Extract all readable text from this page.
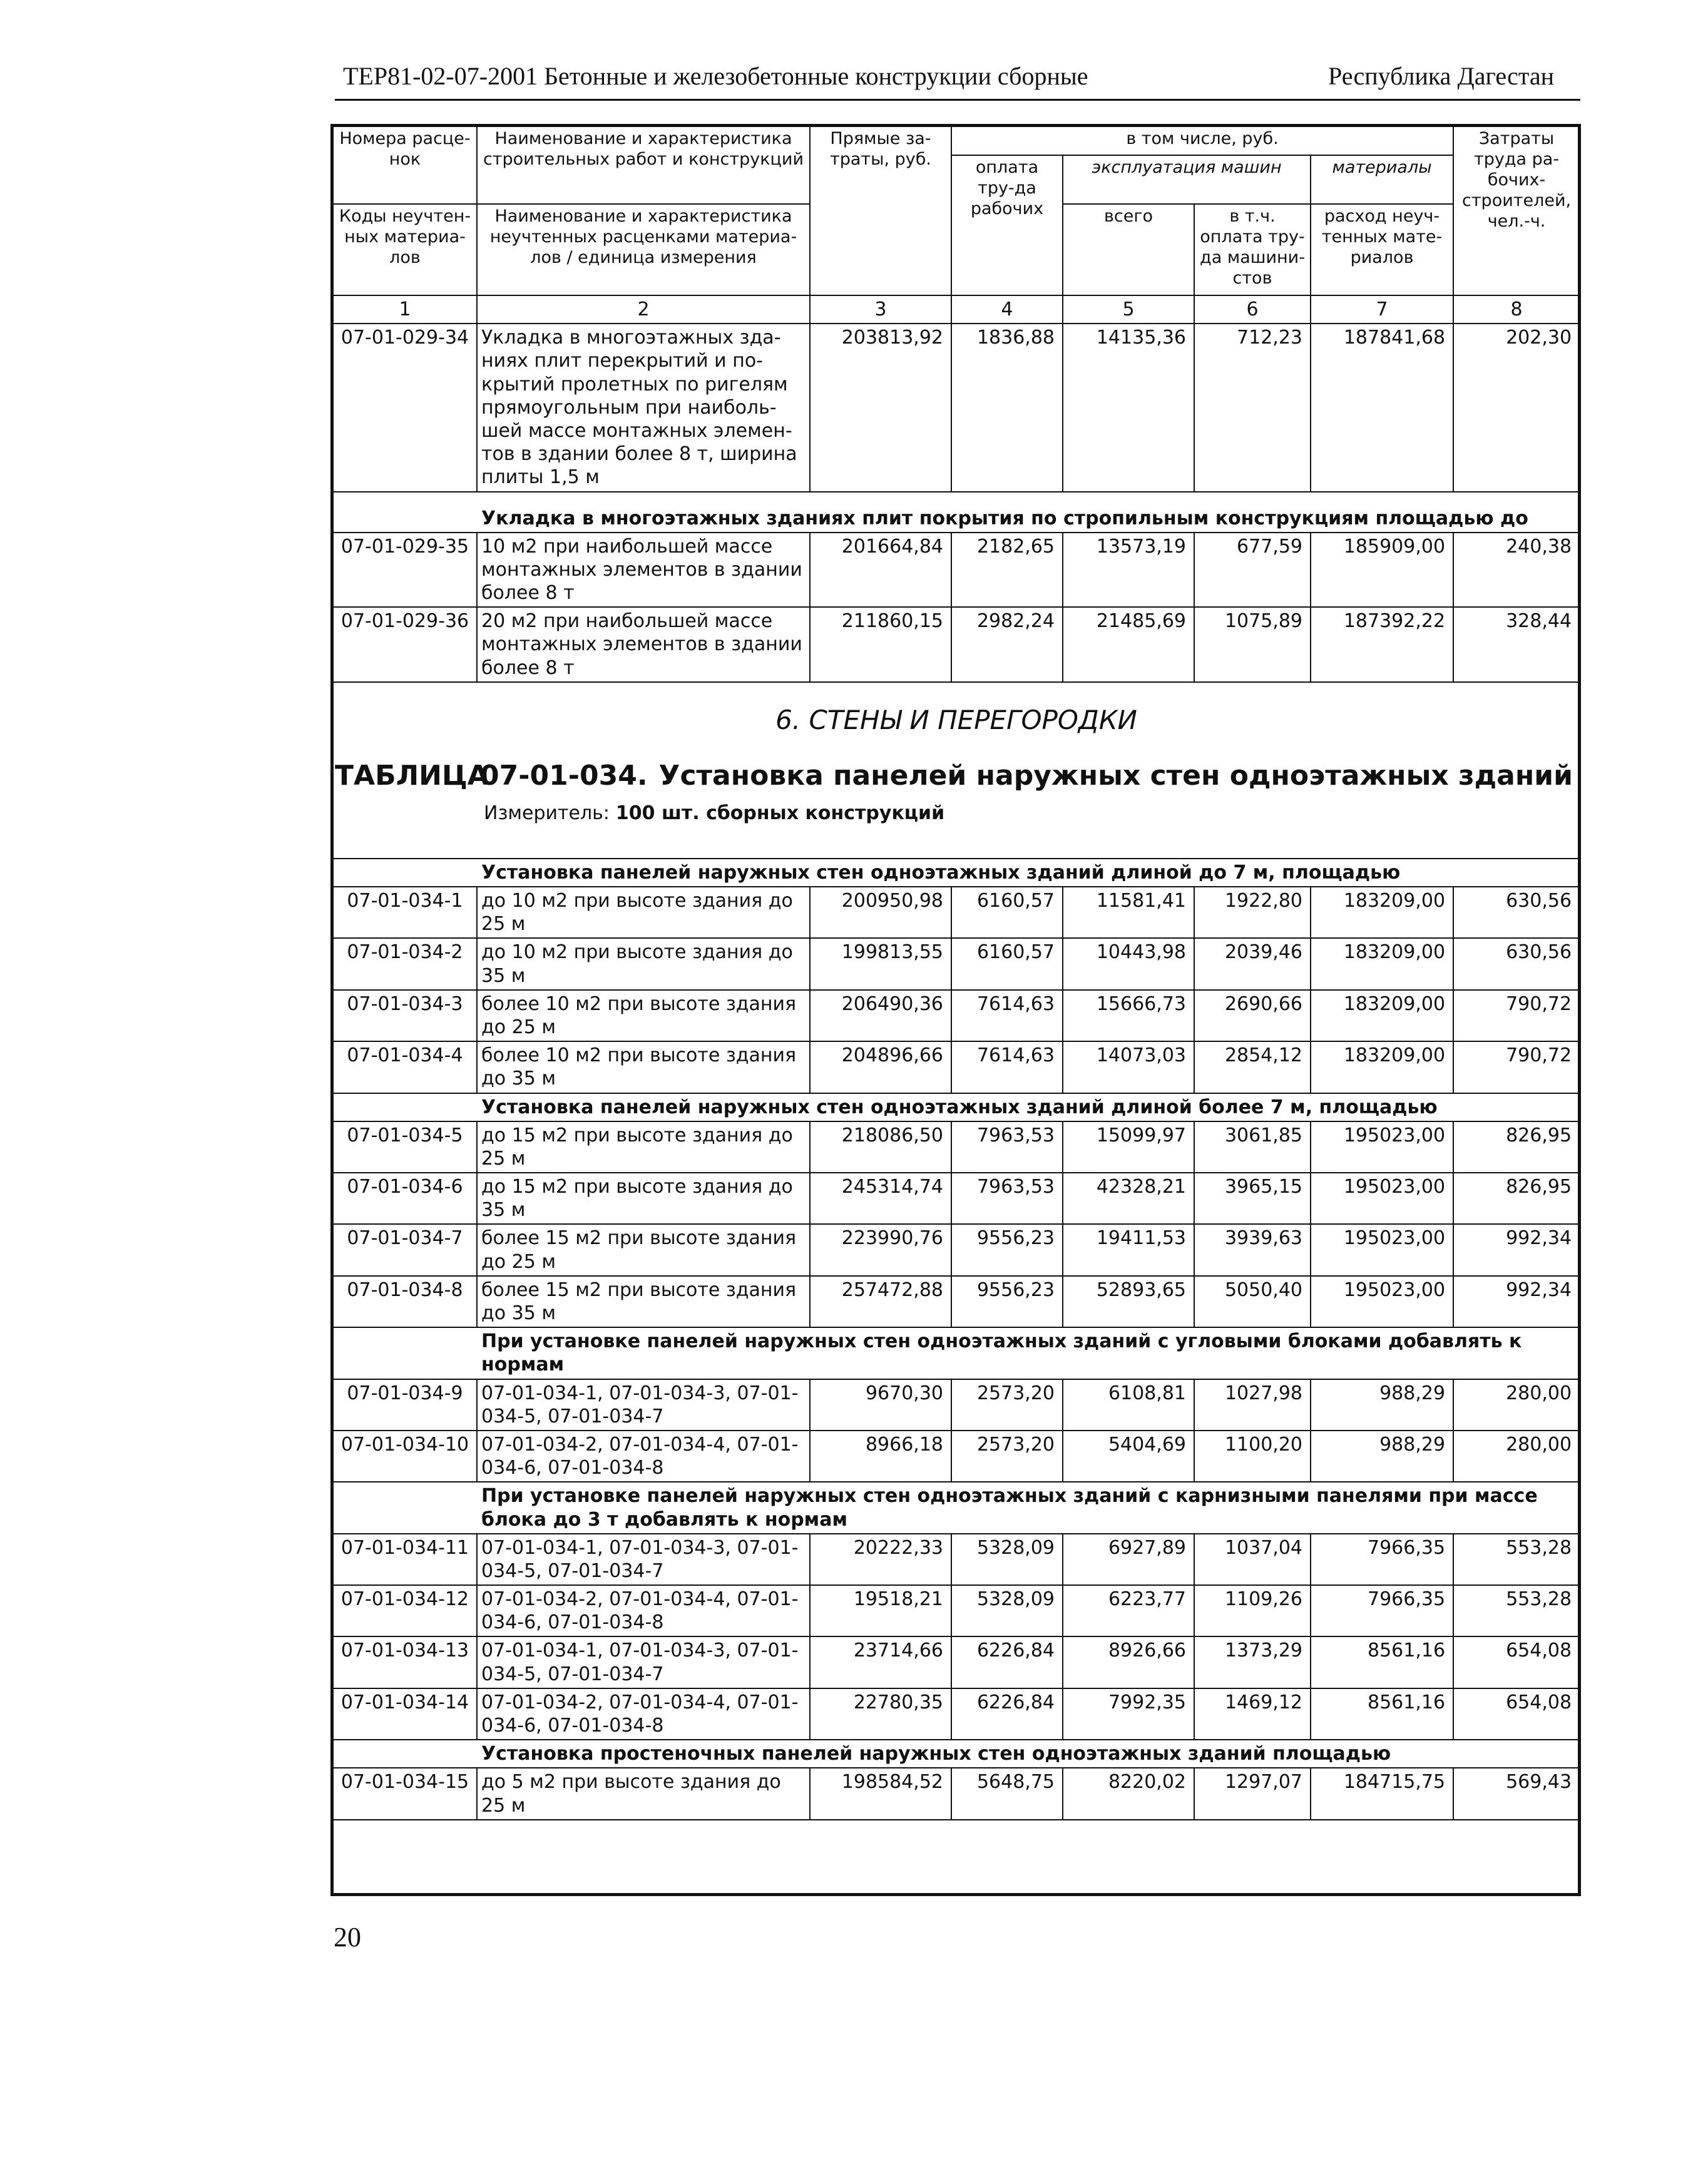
ТЕР81-02-07-2001 Бетонные и железобетонные конструкции сборные	Республика Дагестан
Номера расце-нок	Наименование и характеристика строительных работ и конструкций	Прямые за-траты, руб.	в том числе, руб.				Затраты труда ра-бочих-строителей, чел.-ч.
			оплата тру-да рабочих	эксплуатация машин		материалы	
Коды неучтен-ных материа-лов	Наименование и характеристика неучтенных расценками материа-лов / единица измерения			всего	в т.ч. оплата тру-да машини-стов	расход неуч-тенных мате-риалов	

1	2	3	4	5	6	7	8
07-01-029-34	Укладка в многоэтажных зда-ниях плит перекрытий и по-крытий пролетных по ригелям прямоугольным при наиболь-шей массе монтажных элемен-тов в здании более 8 т, ширина плиты 1,5 м	203813,92	1836,88	14135,36	712,23	187841,68	202,30

	Укладка в многоэтажных зданиях плит покрытия по стропильным конструкциям площадью до						
07-01-029-35	10 м2 при наибольшей массе монтажных элементов в здании более 8 т	201664,84	2182,65	13573,19	677,59	185909,00	240,38
07-01-029-36	20 м2 при наибольшей массе монтажных элементов в здании более 8 т	211860,15	2982,24	21485,69	1075,89	187392,22	328,44

6. СТЕНЫ И ПЕРЕГОРОДКИ
ТАБЛИЦА07-01-034. Установка панелей наружных стен одноэтажных зданий
Измеритель: 100 шт. сборных конструкций							

	Установка панелей наружных стен одноэтажных зданий длиной до 7 м, площадью						
07-01-034-1	до 10 м2 при высоте здания до 25 м	200950,98	6160,57	11581,41	1922,80	183209,00	630,56
07-01-034-2	до 10 м2 при высоте здания до 35 м	199813,55	6160,57	10443,98	2039,46	183209,00	630,56
07-01-034-3	более 10 м2 при высоте здания до 25 м	206490,36	7614,63	15666,73	2690,66	183209,00	790,72
07-01-034-4	более 10 м2 при высоте здания до 35 м	204896,66	7614,63	14073,03	2854,12	183209,00	790,72
	Установка панелей наружных стен одноэтажных зданий длиной более 7 м, площадью						
07-01-034-5	до 15 м2 при высоте здания до 25 м	218086,50	7963,53	15099,97	3061,85	195023,00	826,95
07-01-034-6	до 15 м2 при высоте здания до 35 м	245314,74	7963,53	42328,21	3965,15	195023,00	826,95
07-01-034-7	более 15 м2 при высоте здания до 25 м	223990,76	9556,23	19411,53	3939,63	195023,00	992,34
07-01-034-8	более 15 м2 при высоте здания до 35 м	257472,88	9556,23	52893,65	5050,40	195023,00	992,34
	При установке панелей наружных стен одноэтажных зданий с угловыми блоками добавлять к нормам						
07-01-034-9	07-01-034-1, 07-01-034-3, 07-01-034-5, 07-01-034-7	9670,30	2573,20	6108,81	1027,98	988,29	280,00
07-01-034-10	07-01-034-2, 07-01-034-4, 07-01-034-6, 07-01-034-8	8966,18	2573,20	5404,69	1100,20	988,29	280,00
	При установке панелей наружных стен одноэтажных зданий с карнизными панелями при массе блока до 3 т добавлять к нормам						
07-01-034-11	07-01-034-1, 07-01-034-3, 07-01-034-5, 07-01-034-7	20222,33	5328,09	6927,89	1037,04	7966,35	553,28
07-01-034-12	07-01-034-2, 07-01-034-4, 07-01-034-6, 07-01-034-8	19518,21	5328,09	6223,77	1109,26	7966,35	553,28
07-01-034-13	07-01-034-1, 07-01-034-3, 07-01-034-5, 07-01-034-7	23714,66	6226,84	8926,66	1373,29	8561,16	654,08
07-01-034-14	07-01-034-2, 07-01-034-4, 07-01-034-6, 07-01-034-8	22780,35	6226,84	7992,35	1469,12	8561,16	654,08
	Установка простеночных панелей наружных стен одноэтажных зданий площадью						
07-01-034-15	до 5 м2 при высоте здания до 25 м	198584,52	5648,75	8220,02	1297,07	184715,75	569,43
20
